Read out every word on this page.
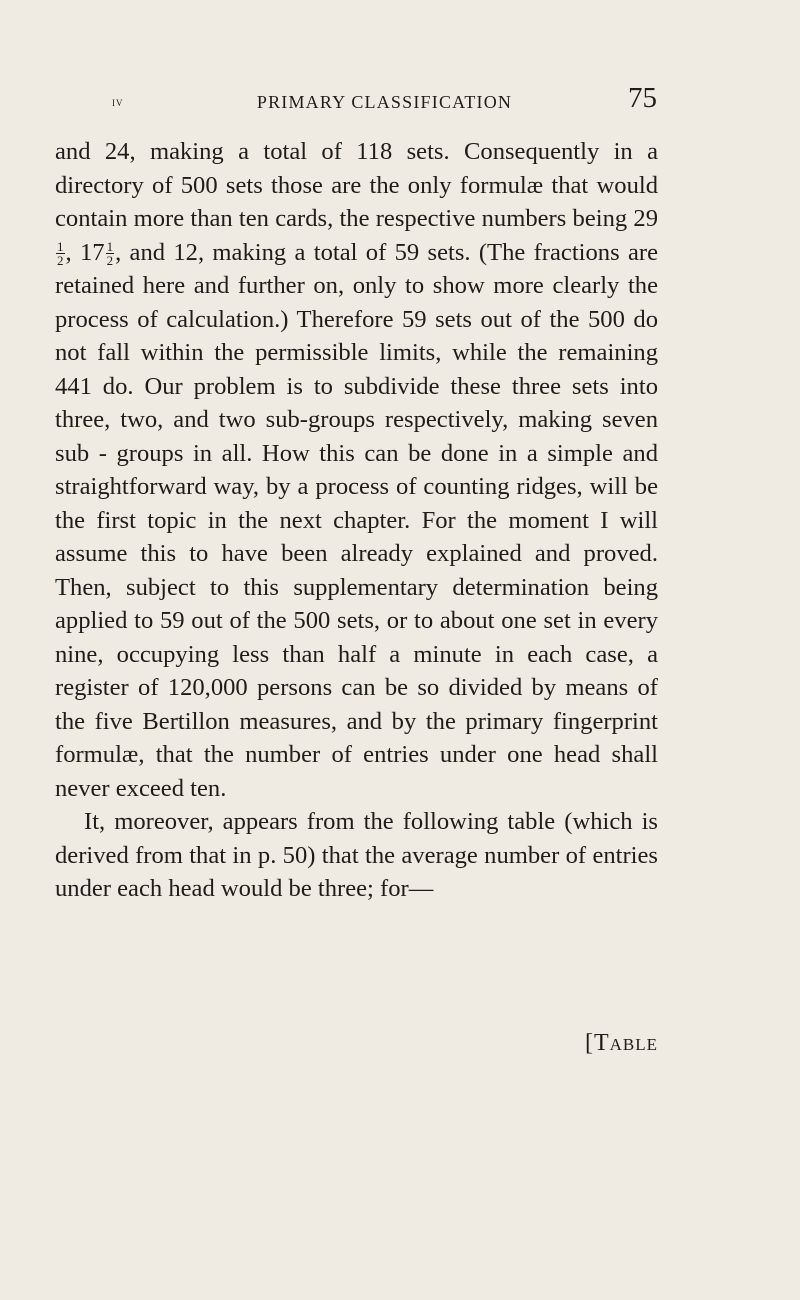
iv	PRIMARY CLASSIFICATION	75

and 24, making a total of 118 sets. Consequently in a directory of 500 sets those are the only formulæ that would contain more than ten cards, the respective numbers being 29
$\frac{1}{2}$ , $17 \frac{1}{2}$ , and 12, making a total of 59 sets. (The fractions are retained here and further on, only to show more clearly the process of calculation.) Therefore 59 sets out of the 500 do not fall within the permissible limits, while the remaining 441 do. Our problem is to subdivide these three sets into three, two, and two sub-groups respectively, making seven sub - groups in all. How this can be done in a simple and straightforward way, by a process of counting ridges, will be the first topic in the next chapter. For the moment I will assume this to have been already explained and proved. Then, subject to this supplementary determination being applied to 59 out of the 500 sets, or to about one set in every nine, occupying less than half a minute in each case, a register of 120,000 persons can be so divided by means of the five Bertillon measures, and by the primary fingerprint formulæ, that the number of entries under one head shall never exceed ten.

It, moreover, appears from the following table (which is derived from that in p. 50) that the average number of entries under each head would be three; for—

[Table
